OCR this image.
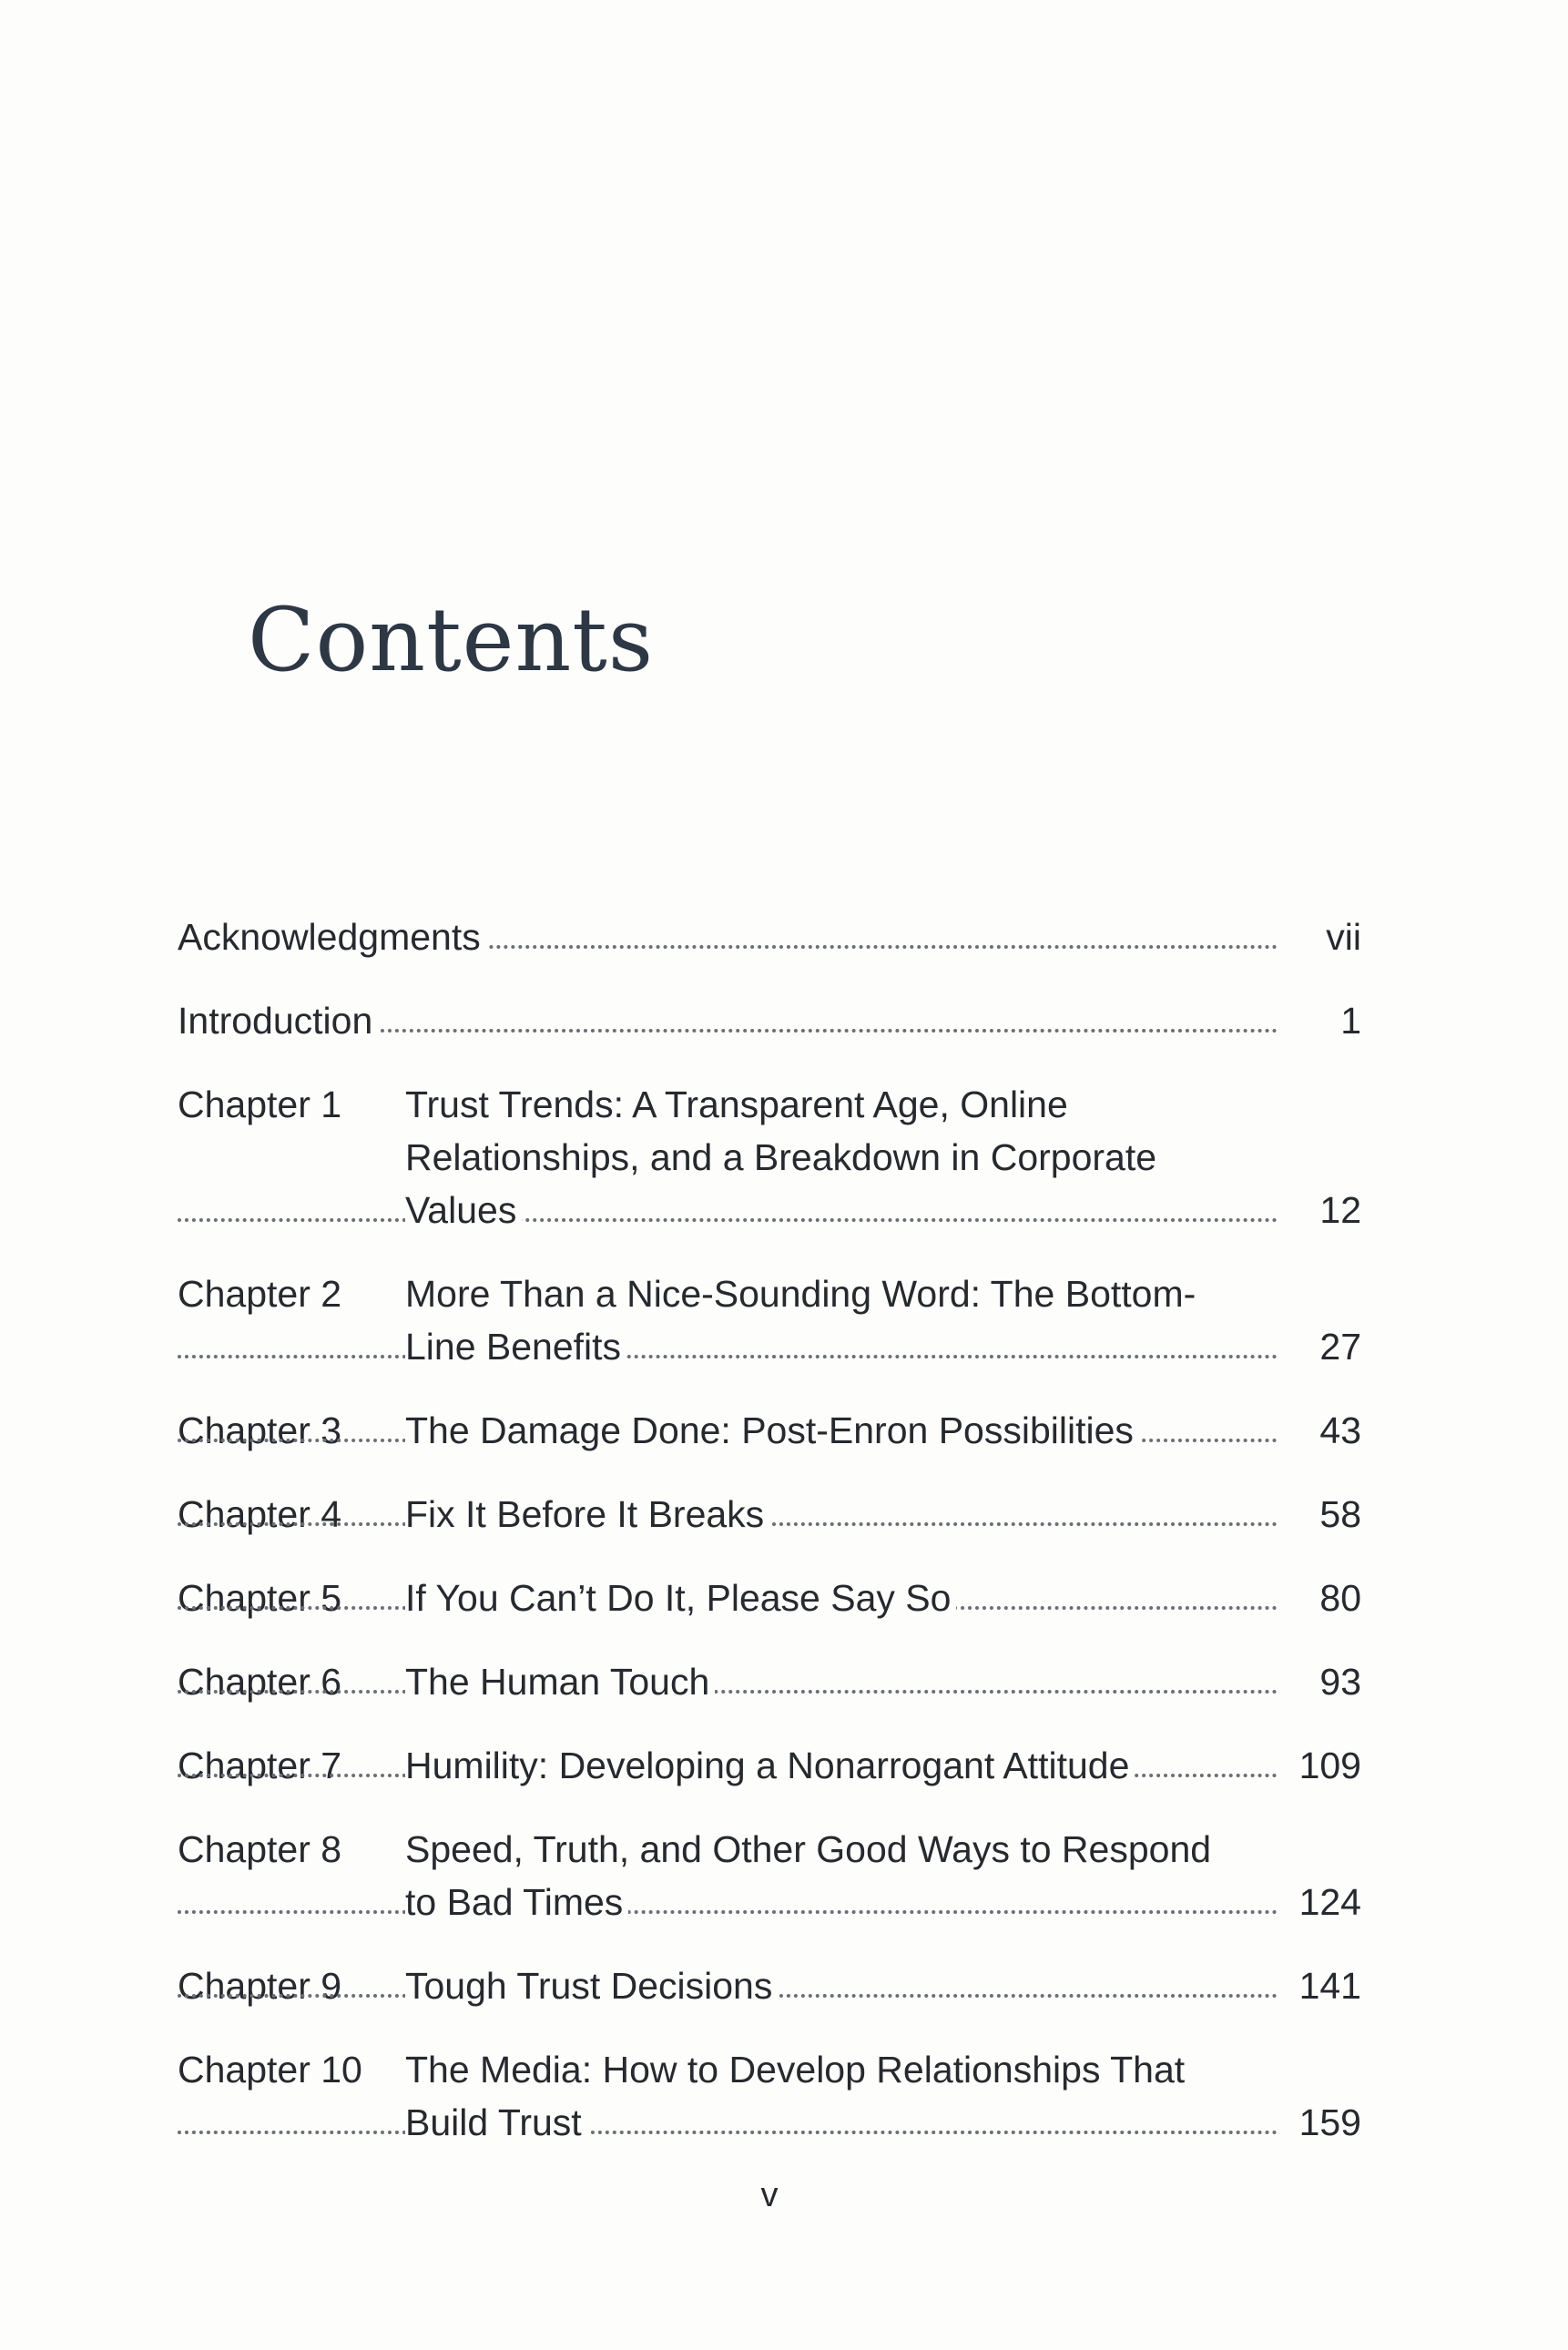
Contents
Acknowledgments	vii
Introduction	1
Chapter 1 Trust Trends: A Transparent Age, Online
Relationships, and a Breakdown in Corporate
Values	12
Chapter 2 More Than a Nice-Sounding Word: The Bottom-
Line Benefits	27
Chapter 3 The Damage Done: Post-Enron Possibilities	43
Chapter 4 Fix It Before It Breaks	58
Chapter 5 If You Can’t Do It, Please Say So	80
Chapter 6 The Human Touch	93
Chapter 7 Humility: Developing a Nonarrogant Attitude	109
Chapter 8 Speed, Truth, and Other Good Ways to Respond
to Bad Times	124
Chapter 9 Tough Trust Decisions	141
Chapter 10 The Media: How to Develop Relationships That
Build Trust	159
v
